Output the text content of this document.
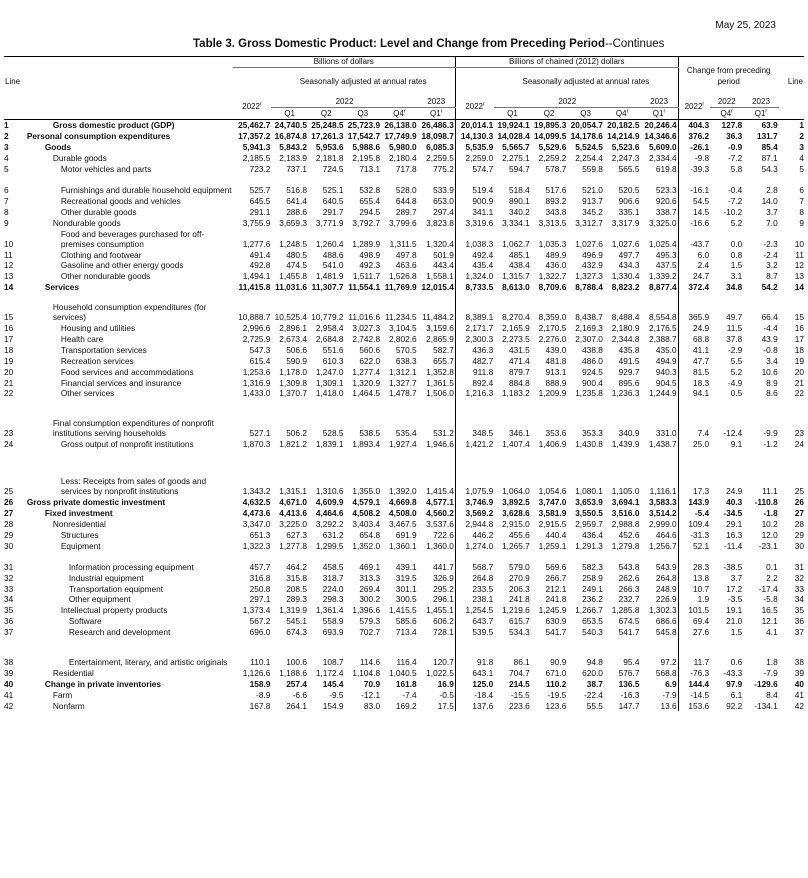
May 25, 2023
Table 3. Gross Domestic Product: Level and Change from Preceding Period--Continues
		Billions of dollars						Billions of chained (2012) dollars						Change from preceding period			
Line			Seasonally adjusted at annual rates						Seasonally adjusted at annual rates								Line
		2022$^r$	2022				2023	2022$^r$	2022				2023	2022$^r$	2022	2023	
			Q1	Q2	Q3	Q4$^r$	Q1$^r$		Q1	Q2	Q3	Q4$^r$	Q1$^r$		Q4$^r$	Q1$^r$	
1	Gross domestic product (GDP)	25,462.7	24,740.5	25,248.5	25,723.9	26,138.0	26,486.3	20,014.1	19,924.1	19,895.3	20,054.7	20,182.5	20,246.4	404.3	127.8	63.9	1
2	Personal consumption expenditures	17,357.2	16,874.8	17,261.3	17,542.7	17,749.9	18,098.7	14,130.3	14,028.4	14,099.5	14,178.6	14,214.9	14,346.6	376.2	36.3	131.7	2
3	Goods	5,941.3	5,843.2	5,953.6	5,988.6	5,980.0	6,085.3	5,535.9	5,565.7	5,529.6	5,524.5	5,523.6	5,609.0	-26.1	-0.9	85.4	3
4	Durable goods	2,185.5	2,183.9	2,181.8	2,195.8	2,180.4	2,259.5	2,259.0	2,275.1	2,259.2	2,254.4	2,247.3	2,334.4	-9.8	-7.2	87.1	4
5	Motor vehicles and parts	723.2	737.1	724.5	713.1	717.8	775.2	574.7	594.7	578.7	559.8	565.5	619.8	-39.3	5.8	54.3	5
6	Furnishings and durable household equipment	525.7	516.8	525.1	532.8	528.0	533.9	519.4	518.4	517.6	521.0	520.5	523.3	-16.1	-0.4	2.8	6
7	Recreational goods and vehicles	645.5	641.4	640.5	655.4	644.8	653.0	900.9	890.1	893.2	913.7	906.6	920.6	54.5	-7.2	14.0	7
8	Other durable goods	291.1	288.6	291.7	294.5	289.7	297.4	341.1	340.2	343.8	345.2	335.1	338.7	14.5	-10.2	3.7	8
9	Nondurable goods	3,755.9	3,659.3	3,771.9	3,792.7	3,799.6	3,823.8	3,319.6	3,334.1	3,313.5	3,312.7	3,317.9	3,325.0	-16.6	5.2	7.0	9
10	Food and beverages purchased for off-premises consumption	1,277.6	1,248.5	1,260.4	1,289.9	1,311.5	1,320.4	1,038.3	1,062.7	1,035.3	1,027.6	1,027.6	1,025.4	-43.7	0.0	-2.3	10
11	Clothing and footwear	491.4	480.5	488.6	498.9	497.8	501.9	492.4	485.1	489.9	496.9	497.7	495.3	6.0	0.8	-2.4	11
12	Gasoline and other energy goods	492.8	474.5	541.0	492.3	463.6	443.4	435.4	438.4	436.0	432.9	434.3	437.5	2.4	1.5	3.2	12
13	Other nondurable goods	1,494.1	1,455.8	1,481.9	1,511.7	1,526.8	1,558.1	1,324.0	1,315.7	1,322.7	1,327.3	1,330.4	1,339.2	24.7	3.1	8.7	13
14	Services	11,415.8	11,031.6	11,307.7	11,554.1	11,769.9	12,015.4	8,733.5	8,613.0	8,709.6	8,788.4	8,823.2	8,877.4	372.4	34.8	54.2	14
15	Household consumption expenditures (for services)	10,888.7	10,525.4	10,779.2	11,016.6	11,234.5	11,484.2	8,389.1	8,270.4	8,359.0	8,438.7	8,488.4	8,554.8	365.9	49.7	66.4	15
16	Housing and utilities	2,996.6	2,896.1	2,958.4	3,027.3	3,104.5	3,159.6	2,171.7	2,165.9	2,170.5	2,169.3	2,180.9	2,176.5	24.9	11.5	-4.4	16
17	Health care	2,725.9	2,673.4	2,684.8	2,742.8	2,802.6	2,865.9	2,300.3	2,273.5	2,276.0	2,307.0	2,344.8	2,388.7	68.8	37.8	43.9	17
18	Transportation services	547.3	506.6	551.6	560.6	570.5	582.7	436.3	431.5	439.0	438.8	435.8	435.0	41.1	-2.9	-0.8	18
19	Recreation services	615.4	590.9	610.3	622.0	638.3	655.7	482.7	471.4	481.8	486.0	491.5	494.9	47.7	5.5	3.4	19
20	Food services and accommodations	1,253.6	1,178.0	1,247.0	1,277.4	1,312.1	1,352.8	911.8	879.7	913.1	924.5	929.7	940.3	81.5	5.2	10.6	20
21	Financial services and insurance	1,316.9	1,309.8	1,309.1	1,320.9	1,327.7	1,361.5	892.4	884.8	888.9	900.4	895.6	904.5	18.3	-4.9	8.9	21
22	Other services	1,433.0	1,370.7	1,418.0	1,464.5	1,478.7	1,506.0	1,216.3	1,183.2	1,209.9	1,235.8	1,236.3	1,244.9	94.1	0.5	8.6	22
23	Final consumption expenditures of nonprofit institutions serving households	527.1	506.2	528.5	538.5	535.4	531.2	348.5	346.1	353.6	353.3	340.9	331.0	7.4	-12.4	-9.9	23
24	Gross output of nonprofit institutions	1,870.3	1,821.2	1,839.1	1,893.4	1,927.4	1,946.6	1,421.2	1,407.4	1,406.9	1,430.8	1,439.9	1,438.7	25.0	9.1	-1.2	24
25	Less: Receipts from sales of goods and services by nonprofit institutions	1,343.2	1,315.1	1,310.6	1,355.0	1,392.0	1,415.4	1,075.9	1,064.0	1,054.6	1,080.1	1,105.0	1,116.1	17.3	24.9	11.1	25
26	Gross private domestic investment	4,632.5	4,671.0	4,609.9	4,579.1	4,669.8	4,577.1	3,746.9	3,892.5	3,747.0	3,653.9	3,694.1	3,583.3	143.9	40.3	-110.8	26
27	Fixed investment	4,473.6	4,413.6	4,464.6	4,508.2	4,508.0	4,560.2	3,569.2	3,628.6	3,581.9	3,550.5	3,516.0	3,514.2	-5.4	-34.5	-1.8	27
28	Nonresidential	3,347.0	3,225.0	3,292.2	3,403.4	3,467.5	3,537.6	2,944.8	2,915.0	2,915.5	2,959.7	2,988.8	2,999.0	109.4	29.1	10.2	28
29	Structures	651.3	627.3	631.2	654.8	691.9	722.6	446.2	455.6	440.4	436.4	452.6	464.6	-31.3	16.3	12.0	29
30	Equipment	1,322.3	1,277.8	1,299.5	1,352.0	1,360.1	1,360.0	1,274.0	1,265.7	1,259.1	1,291.3	1,279.8	1,256.7	52.1	-11.4	-23.1	30
31	Information processing equipment	457.7	464.2	458.5	469.1	439.1	441.7	568.7	579.0	569.6	582.3	543.8	543.9	28.3	-38.5	0.1	31
32	Industrial equipment	316.8	315.8	318.7	313.3	319.5	326.9	264.8	270.9	266.7	258.9	262.6	264.8	13.8	3.7	2.2	32
33	Transportation equipment	250.8	208.5	224.0	269.4	301.1	295.2	233.5	206.3	212.1	249.1	266.3	248.9	10.7	17.2	-17.4	33
34	Other equipment	297.1	289.3	298.3	300.2	300.5	296.1	238.1	241.8	241.8	236.2	232.7	226.9	1.9	-3.5	-5.8	34
35	Intellectual property products	1,373.4	1,319.9	1,361.4	1,396.6	1,415.5	1,455.1	1,254.5	1,219.6	1,245.9	1,266.7	1,285.8	1,302.3	101.5	19.1	16.5	35
36	Software	567.2	545.1	558.9	579.3	585.6	606.2	643.7	615.7	630.9	653.5	674.5	686.6	69.4	21.0	12.1	36
37	Research and development	696.0	674.3	693.9	702.7	713.4	728.1	539.5	534.3	541.7	540.3	541.7	545.8	27.6	1.5	4.1	37
38	Entertainment, literary, and artistic originals	110.1	100.6	108.7	114.6	116.4	120.7	91.8	86.1	90.9	94.8	95.4	97.2	11.7	0.6	1.8	38
39	Residential	1,126.6	1,188.6	1,172.4	1,104.8	1,040.5	1,022.5	643.1	704.7	671.0	620.0	576.7	568.8	-76.3	-43.3	-7.9	39
40	Change in private inventories	158.9	257.4	145.4	70.9	161.8	16.9	125.0	214.5	110.2	38.7	136.5	6.9	144.4	97.9	-129.6	40
41	Farm	-8.9	-6.6	-9.5	-12.1	-7.4	-0.5	-18.4	-15.5	-19.5	-22.4	-16.3	-7.9	-14.5	6.1	8.4	41
42	Nonfarm	167.8	264.1	154.9	83.0	169.2	17.5	137.6	223.6	123.6	55.5	147.7	13.6	153.6	92.2	-134.1	42
